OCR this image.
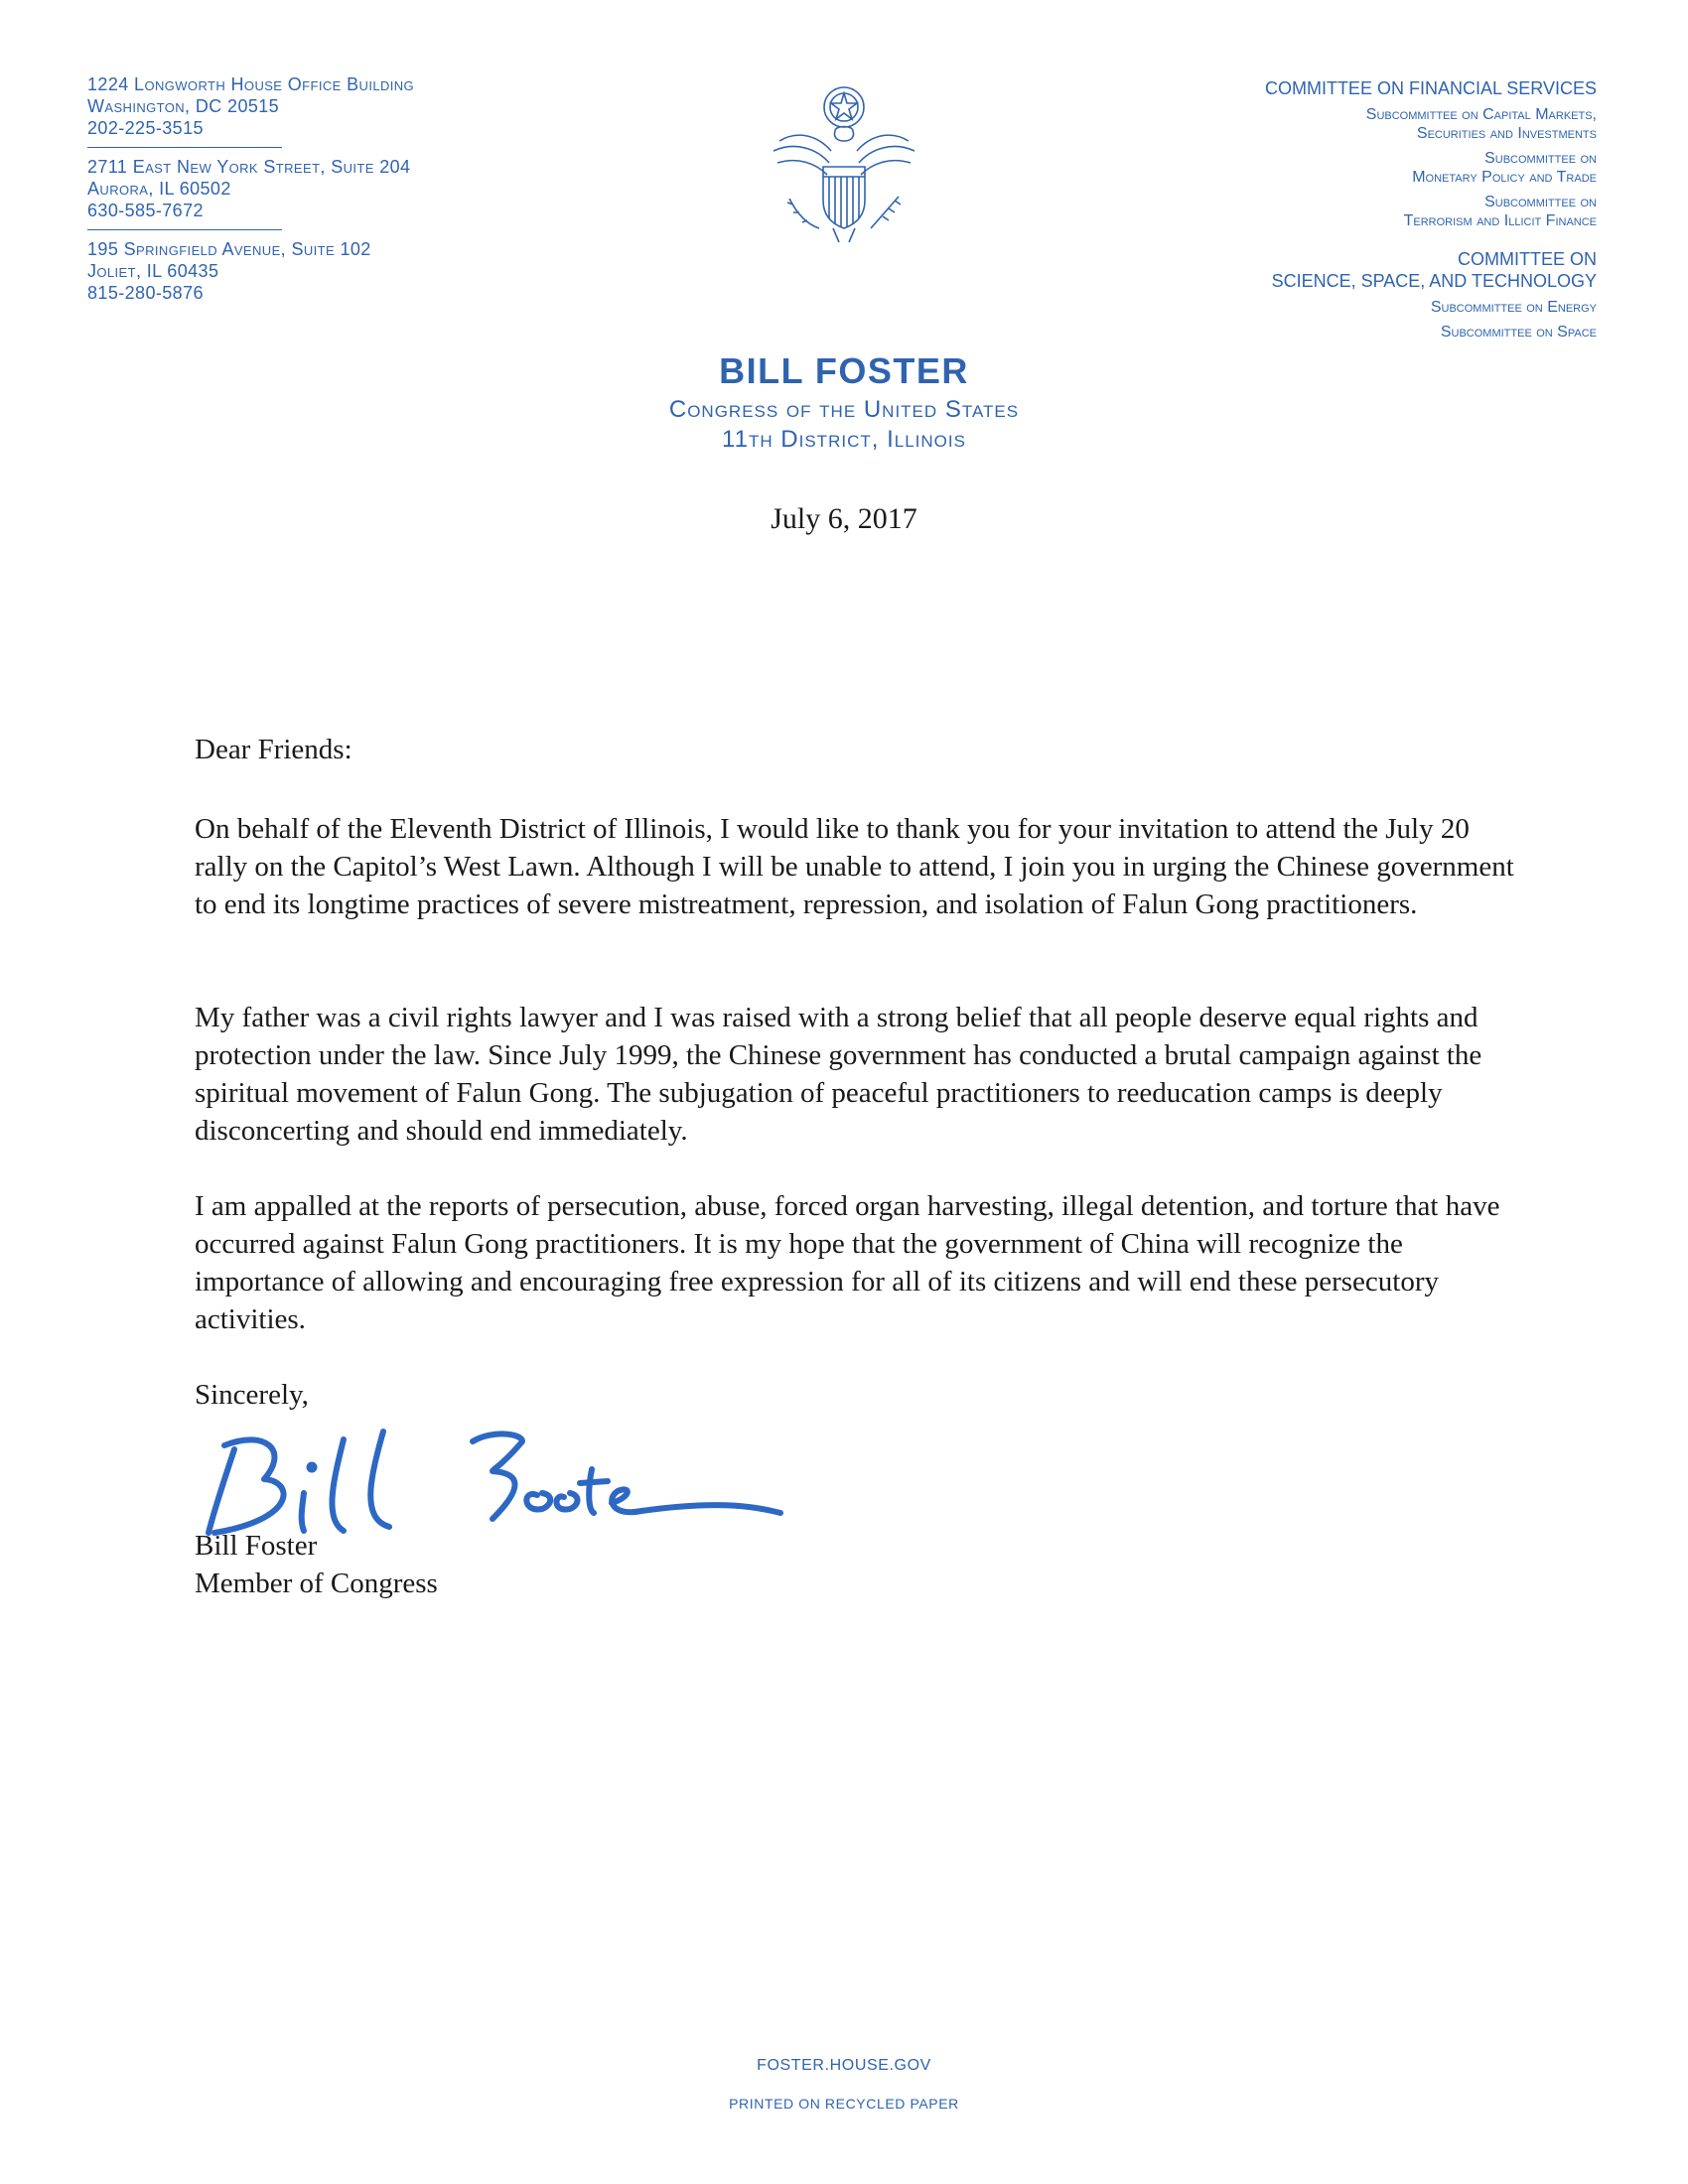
1224 Longworth House Office Building
Washington, DC 20515
202-225-3515
2711 East New York Street, Suite 204
Aurora, IL 60502
630-585-7672
195 Springfield Avenue, Suite 102
Joliet, IL 60435
815-280-5876
BILL FOSTER
Congress of the United States
11th District, Illinois
COMMITTEE ON FINANCIAL SERVICES
Subcommittee on Capital Markets,
Securities and Investments
Subcommittee on
Monetary Policy and Trade
Subcommittee on
Terrorism and Illicit Finance
COMMITTEE ON
SCIENCE, SPACE, AND TECHNOLOGY
Subcommittee on Energy
Subcommittee on Space
July 6, 2017
Dear Friends:
On behalf of the Eleventh District of Illinois, I would like to thank you for your invitation to attend the July 20 rally on the Capitol’s West Lawn. Although I will be unable to attend, I join you in urging the Chinese government to end its longtime practices of severe mistreatment, repression, and isolation of Falun Gong practitioners.
My father was a civil rights lawyer and I was raised with a strong belief that all people deserve equal rights and protection under the law. Since July 1999, the Chinese government has conducted a brutal campaign against the spiritual movement of Falun Gong. The subjugation of peaceful practitioners to reeducation camps is deeply disconcerting and should end immediately.
I am appalled at the reports of persecution, abuse, forced organ harvesting, illegal detention, and torture that have occurred against Falun Gong practitioners. It is my hope that the government of China will recognize the importance of allowing and encouraging free expression for all of its citizens and will end these persecutory activities.
Sincerely,
Bill Foster
Member of Congress
FOSTER.HOUSE.GOV
PRINTED ON RECYCLED PAPER
